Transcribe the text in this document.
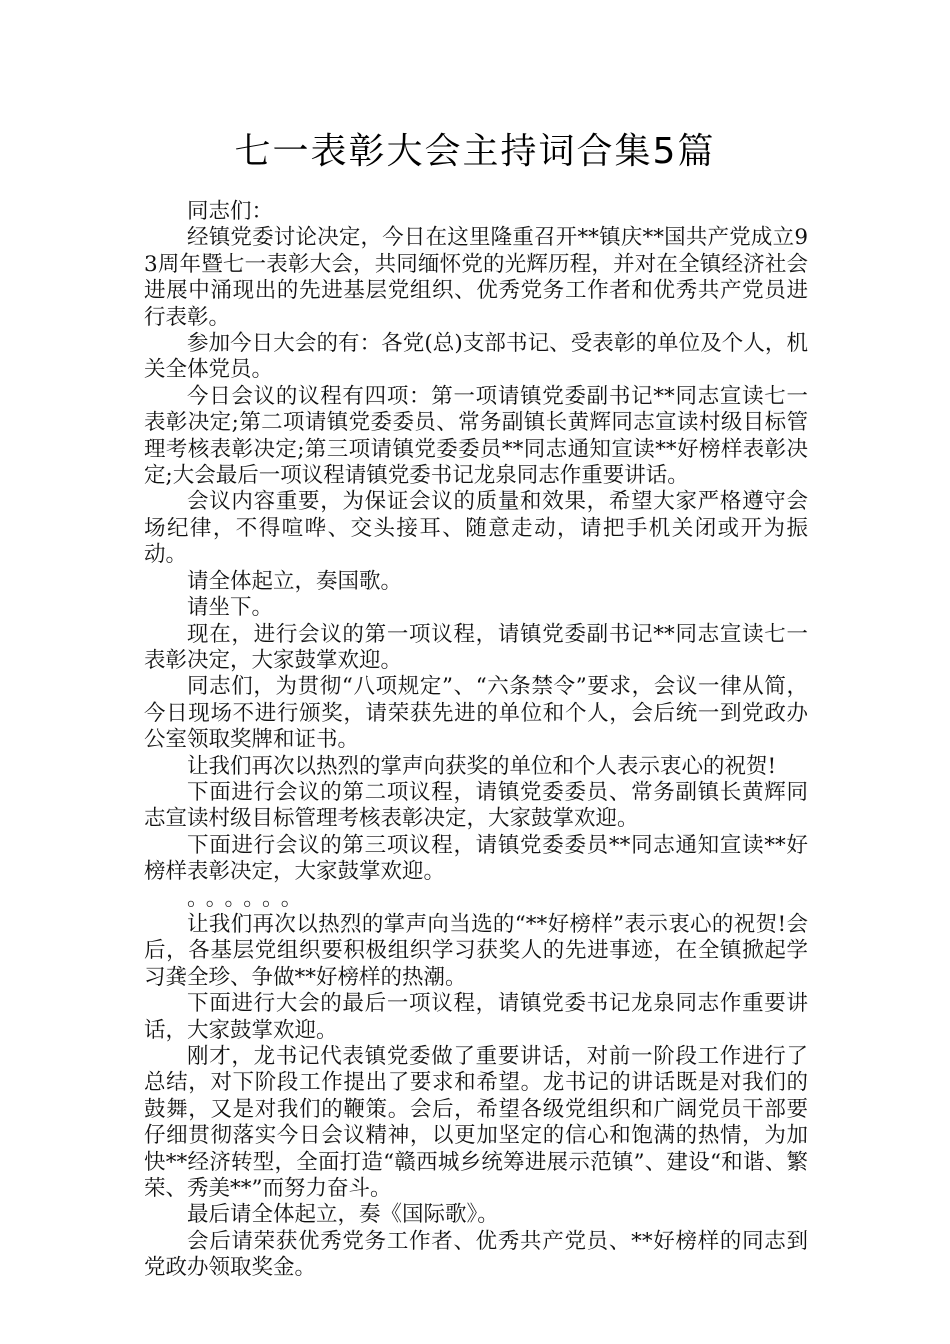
七一表彰大会主持词合集5篇

同志们：

经镇党委讨论决定，今日在这里隆重召开**镇庆**国共产党成立93周年暨七一表彰大会，共同缅怀党的光辉历程，并对在全镇经济社会进展中涌现出的先进基层党组织、优秀党务工作者和优秀共产党员进行表彰。

参加今日大会的有：各党(总)支部书记、受表彰的单位及个人，机关全体党员。

今日会议的议程有四项：第一项请镇党委副书记**同志宣读七一表彰决定;第二项请镇党委委员、常务副镇长黄辉同志宣读村级目标管理考核表彰决定;第三项请镇党委委员**同志通知宣读**好榜样表彰决定;大会最后一项议程请镇党委书记龙泉同志作重要讲话。

会议内容重要，为保证会议的质量和效果，希望大家严格遵守会场纪律，不得喧哗、交头接耳、随意走动，请把手机关闭或开为振动。

请全体起立，奏国歌。

请坐下。

现在，进行会议的第一项议程，请镇党委副书记**同志宣读七一表彰决定，大家鼓掌欢迎。

同志们，为贯彻“八项规定”、“六条禁令”要求，会议一律从简，今日现场不进行颁奖，请荣获先进的单位和个人，会后统一到党政办公室领取奖牌和证书。

让我们再次以热烈的掌声向获奖的单位和个人表示衷心的祝贺!

下面进行会议的第二项议程，请镇党委委员、常务副镇长黄辉同志宣读村级目标管理考核表彰决定，大家鼓掌欢迎。

下面进行会议的第三项议程，请镇党委委员**同志通知宣读**好榜样表彰决定，大家鼓掌欢迎。

。。。。。。

让我们再次以热烈的掌声向当选的“**好榜样”表示衷心的祝贺!会后，各基层党组织要积极组织学习获奖人的先进事迹，在全镇掀起学习龚全珍、争做**好榜样的热潮。

下面进行大会的最后一项议程，请镇党委书记龙泉同志作重要讲话，大家鼓掌欢迎。

刚才，龙书记代表镇党委做了重要讲话，对前一阶段工作进行了总结，对下阶段工作提出了要求和希望。龙书记的讲话既是对我们的鼓舞，又是对我们的鞭策。会后，希望各级党组织和广阔党员干部要仔细贯彻落实今日会议精神，以更加坚定的信心和饱满的热情，为加快**经济转型，全面打造“赣西城乡统筹进展示范镇”、建设“和谐、繁荣、秀美**”而努力奋斗。

最后请全体起立，奏《国际歌》。

会后请荣获优秀党务工作者、优秀共产党员、**好榜样的同志到党政办领取奖金。
